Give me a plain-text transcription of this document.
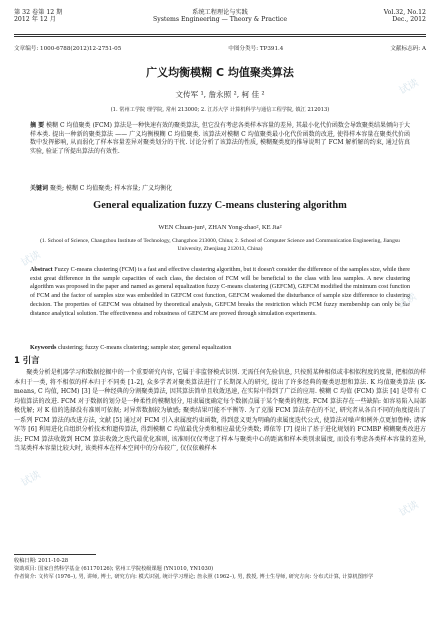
第 32 卷第 12 期
2012 年 12 月
系统工程理论与实践
Systems Engineering — Theory & Practice
Vol.32, No.12
Dec., 2012
文章编号: 1000-6788(2012)12-2751-05	中图分类号: TP391.4	文献标志码: A
广义均衡模糊 C 均值聚类算法
文传军 ¹, 詹永照 ², 柯 佳 ²
(1. 常州工学院 理学院, 常州 213000; 2. 江苏大学 计算机科学与通信工程学院, 镇江 212013)
摘 要 模糊 C 均值聚类 (FCM) 算法是一种快速有效的聚类算法, 但它没有考虑各类样本容量的差异, 其最小化代价函数会导致聚类结果倾向于大样本类. 提出一种新的聚类算法 —— 广义均衡模糊 C 均值聚类. 该算法对模糊 C 均值聚类最小化代价函数的改进, 使得样本容量在聚类代价函数中发挥影响, 从而弱化了样本容量差异对聚类划分的干扰. 讨论分析了该算法的性质, 模糊聚类度的推导说明了 FCM 解析解的约束, 通过仿真实验, 验证了所提出算法的有效性.
关键词 聚类; 模糊 C 均值聚类; 样本容量; 广义均衡化
General equalization fuzzy C-means clustering algorithm
WEN Chuan-jun¹, ZHAN Yong-zhao², KE Jia²
(1. School of Science, Changzhou Institute of Technology, Changzhou 213000, China; 2. School of Computer Science and Communication Engineering, Jiangsu University, Zhenjiang 212013, China)
Abstract Fuzzy C-means clustering (FCM) is a fast and effective clustering algorithm, but it doesn't consider the difference of the samples size, while there exist great difference in the sample capacities of each class, the decision of FCM will be beneficial to the class with less samples. A new clustering algorithm was proposed in the paper and named as general equalization fuzzy C-means clustering (GEFCM), GEFCM modified the minimum cost function of FCM and the factor of samples size was embedded in GEFCM cost function, GEFCM weakened the disturbance of sample size difference to clustering decision. The properties of GEFCM was obtained by theoretical analysis, GEFCM breaks the restriction which FCM fuzzy membership can only be the distance analytical solution. The effectiveness and robustness of GEFCM are proved through simulation experiments.
Keywords clustering; fuzzy C-means clustering; sample size; general equalization
1 引言

聚类分析是机器学习和数据挖掘中的一个重要研究内容, 它属于非监督模式识别. 无需任何先验信息, 只按照某种相似或非相似程度的度量, 把相似的样本归于一类, 将不相似的样本归于不同类 [1-2], 众多学者对聚类算法进行了长期深入的研究, 提出了许多经典的聚类思想和算法. K 均值聚类算法 (K-means, C 均值, HCM) [3] 是一种经典的分割聚类算法, 因其算法简单且收敛迅速, 在实际中得到了广泛的应用. 模糊 C 均值 (FCM) 算法 [4] 是带有 C 均值算法的改进. FCM 对于数据的划分是一种柔性的模糊划分, 用隶属度确定每个数据点属于某个聚类的程度. FCM 算法存在一些缺陷: 如容易陷入局部极优解; 对 K 值的选择没有准则可依据; 对异常数据较为敏感; 聚类结果可能不平衡等. 为了克服 FCM 算法存在的不足, 研究者从各自不同的角度提出了一系列 FCM 算法的改进方法, 文献 [5] 通过对 FCM 引入隶属度约束函数, 得到意义更为明确的隶属度迭代公式, 使算法对噪声和例外点更加鲁棒; 诸客军等 [6] 利用进化自组织分析技术和遗传算法, 得到模糊 C 均值最优分类和相应最优分类数; 谭依等 [7] 提出了基于进化规划的 FCMBP 模糊聚类改进方法; FCM 算法收敛到 HCM 算法收敛之迭代最优化准则, 该准则仅仅考虑了样本与聚类中心的距离和样本类别隶属度, 而没有考虑各类样本容量的差异, 当某类样本容量比较大时, 该类样本在样本空间中的分布较广, 仅仅依赖样本

收稿日期: 2011-10-28
资助项目: 国家自然科学基金 (61170126); 常州工学院校级课题 (YN1010, YN1030)
作者简介: 文传军 (1976–), 男, 讲师, 博士, 研究方向: 模式识别, 统计学习理论; 詹永照 (1962–), 男, 教授, 博士生导师, 研究方向: 分布式计算, 计算机图形学
试读
试读
试读
试读
试读
